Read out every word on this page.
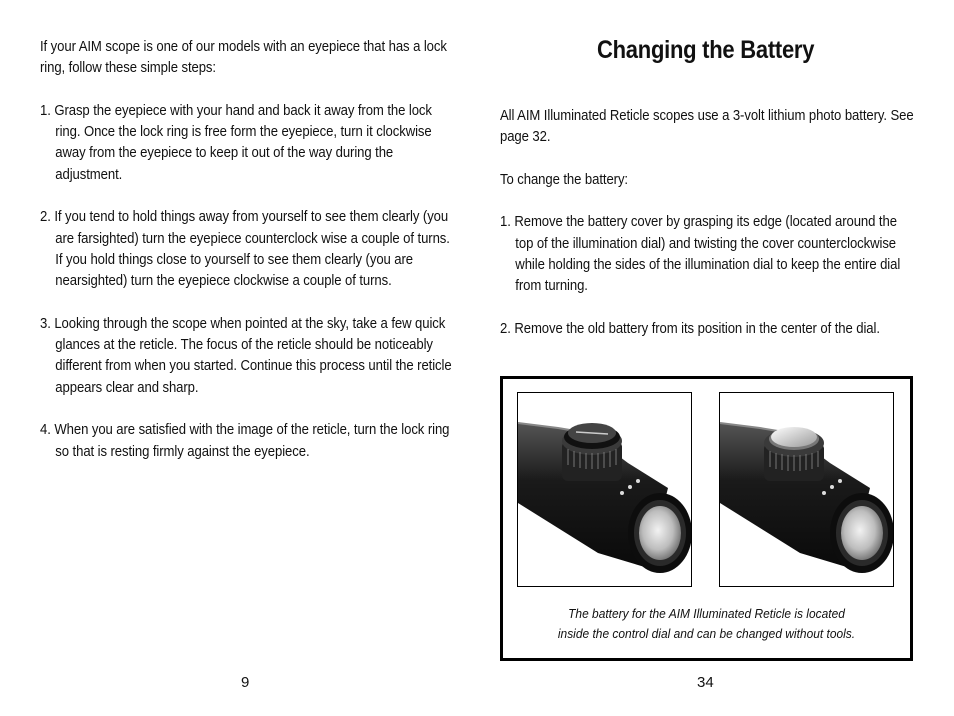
If your AIM scope is one of our models with an eyepiece that has a lock ring, follow these simple steps:

1. Grasp the eyepiece with your hand and back it away from the lock ring. Once the lock ring is free form the eyepiece, turn it clockwise away from the eyepiece to keep it out of the way during the adjustment.

2. If you tend to hold things away from yourself to see them clearly (you are farsighted) turn the eyepiece counterclock wise a couple of turns. If you hold things close to yourself to see them clearly (you are nearsighted) turn the eyepiece clockwise a couple of turns.

3. Looking through the scope when pointed at the sky, take a few quick glances at the reticle. The focus of the reticle should be noticeably different from when you started. Continue this process until the reticle appears clear and sharp.

4. When you are satisfied with the image of the reticle, turn the lock ring so that is resting firmly against the eyepiece.

9
Changing the Battery

All AIM Illuminated Reticle scopes use a 3-volt lithium photo battery. See page 32.

To change the battery:

1. Remove the battery cover by grasping its edge (located around the top of the illumination dial) and twisting the cover counterclockwise while holding the sides of the illumination dial to keep the entire dial from turning.

2. Remove the old battery from its position in the center of the dial.

The battery for the AIM Illuminated Reticle is located
inside the control dial and can be changed without tools.
34
